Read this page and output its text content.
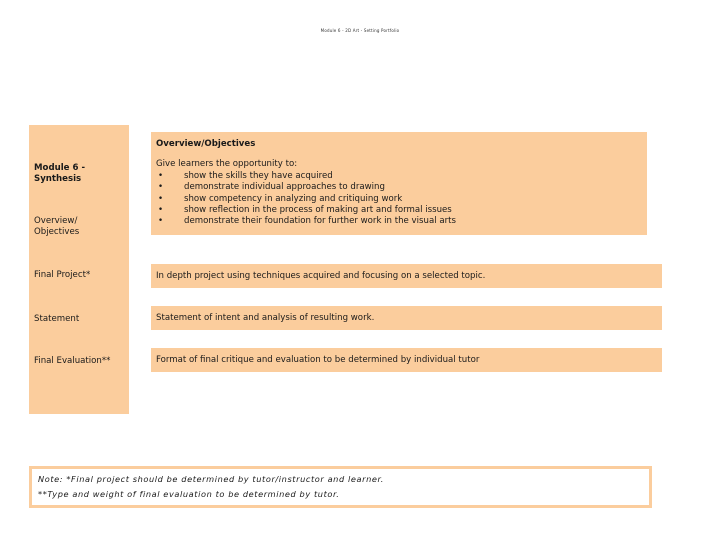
Module 6 - 2D Art - Setting Portfolio
Module 6 - Synthesis
Overview/ Objectives
Final Project*
Statement
Final Evaluation**
Overview/Objectives
Give learners the opportunity to:
• show the skills they have acquired
• demonstrate individual approaches to drawing
• show competency in analyzing and critiquing work
• show reflection in the process of making art and formal issues
• demonstrate their foundation for further work in the visual arts
In depth project using techniques acquired and focusing on a selected topic.
Statement of intent and analysis of resulting work.
Format of final critique and evaluation to be determined by individual tutor
Note: *Final project should be determined by tutor/instructor and learner.
**Type and weight of final evaluation to be determined by tutor.
